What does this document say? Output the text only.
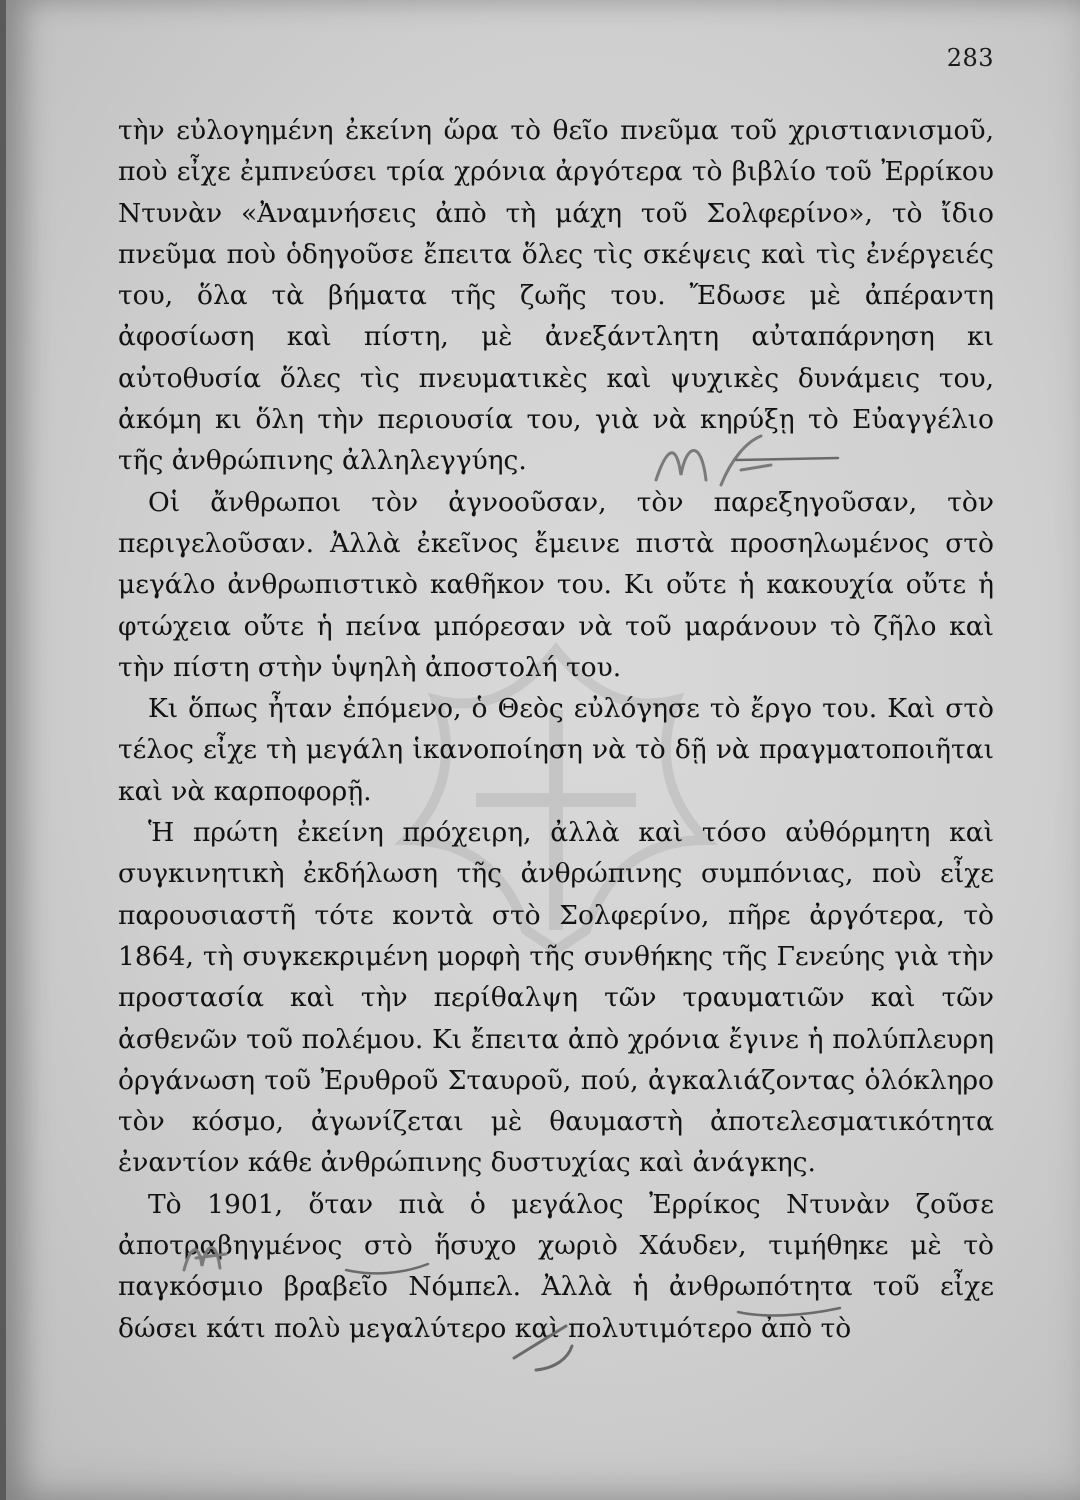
283

τὴν εὐλογημένη ἐκείνη ὥρα τὸ θεῖο πνεῦμα τοῦ χριστιανισμοῦ, ποὺ εἶχε ἐμπνεύσει τρία χρόνια ἀργότερα τὸ βιβλίο τοῦ Ἐρρίκου Ντυνὰν «Ἀναμνήσεις ἀπὸ τὴ μάχη τοῦ Σολφερίνο», τὸ ἴδιο πνεῦμα ποὺ ὁδηγοῦσε ἔπειτα ὅλες τὶς σκέψεις καὶ τὶς ἐνέργειές του, ὅλα τὰ βήματα τῆς ζωῆς του. Ἔδωσε μὲ ἀπέραντη ἀφοσίωση καὶ πίστη, μὲ ἀνεξάντλητη αὐταπάρνηση κι αὐτοθυσία ὅλες τὶς πνευματικὲς καὶ ψυχικὲς δυνάμεις του, ἀκόμη κι ὅλη τὴν περιουσία του, γιὰ νὰ κηρύξῃ τὸ Εὐαγγέλιο τῆς ἀνθρώπινης ἀλληλεγγύης.

Οἱ ἄνθρωποι τὸν ἀγνοοῦσαν, τὸν παρεξηγοῦσαν, τὸν περιγελοῦσαν. Ἀλλὰ ἐκεῖνος ἔμεινε πιστὰ προσηλωμένος στὸ μεγάλο ἀνθρωπιστικὸ καθῆκον του. Κι οὔτε ἡ κακουχία οὔτε ἡ φτώχεια οὔτε ἡ πείνα μπόρεσαν νὰ τοῦ μαράνουν τὸ ζῆλο καὶ τὴν πίστη στὴν ὑψηλὴ ἀποστολή του.

Κι ὅπως ἦταν ἐπόμενο, ὁ Θεὸς εὐλόγησε τὸ ἔργο του. Καὶ στὸ τέλος εἶχε τὴ μεγάλη ἱκανοποίηση νὰ τὸ δῇ νὰ πραγματοποιῆται καὶ νὰ καρποφορῇ.

Ἡ πρώτη ἐκείνη πρόχειρη, ἀλλὰ καὶ τόσο αὐθόρμητη καὶ συγκινητικὴ ἐκδήλωση τῆς ἀνθρώπινης συμπόνιας, ποὺ εἶχε παρουσιαστῆ τότε κοντὰ στὸ Σολφερίνο, πῆρε ἀργότερα, τὸ 1864, τὴ συγκεκριμένη μορφὴ τῆς συνθήκης τῆς Γενεύης γιὰ τὴν προστασία καὶ τὴν περίθαλψη τῶν τραυματιῶν καὶ τῶν ἀσθενῶν τοῦ πολέμου. Κι ἔπειτα ἀπὸ χρόνια ἔγινε ἡ πολύπλευρη ὀργάνωση τοῦ Ἐρυθροῦ Σταυροῦ, πού, ἀγκαλιάζοντας ὁλόκληρο τὸν κόσμο, ἀγωνίζεται μὲ θαυμαστὴ ἀποτελεσματικότητα ἐναντίον κάθε ἀνθρώπινης δυστυχίας καὶ ἀνάγκης.

Τὸ 1901, ὅταν πιὰ ὁ μεγάλος Ἐρρίκος Ντυνὰν ζοῦσε ἀποτραβηγμένος στὸ ἥσυχο χωριὸ Χάυδεν, τιμήθηκε μὲ τὸ παγκόσμιο βραβεῖο Νόμπελ. Ἀλλὰ ἡ ἀνθρωπότητα τοῦ εἶχε δώσει κάτι πολὺ μεγαλύτερο καὶ πολυτιμότερο ἀπὸ τὸ
